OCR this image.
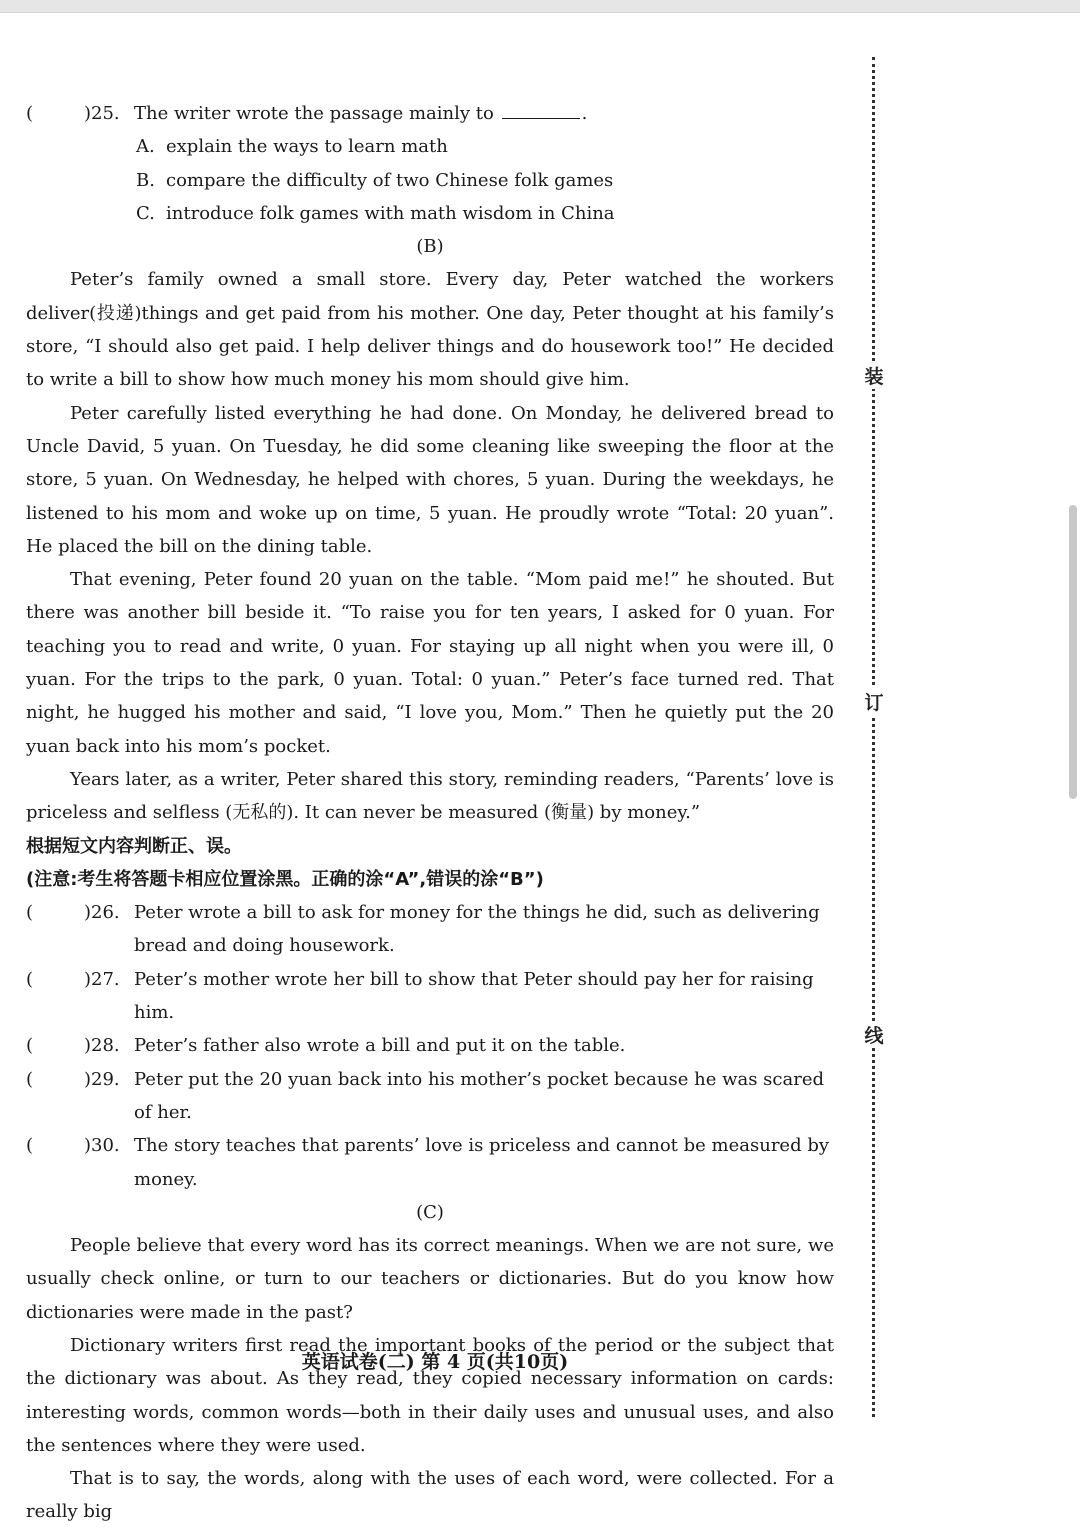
装
订
线
(	)25. The writer wrote the passage mainly to	.
A. explain the ways to learn math
B. compare the difficulty of two Chinese folk games
C. introduce folk games with math wisdom in China
(B)

Peter’s family owned a small store. Every day, Peter watched the workers deliver(投递)things and get paid from his mother. One day, Peter thought at his family’s store, “I should also get paid. I help deliver things and do housework too!” He decided to write a bill to show how much money his mom should give him.

Peter carefully listed everything he had done. On Monday, he delivered bread to Uncle David, 5 yuan. On Tuesday, he did some cleaning like sweeping the floor at the store, 5 yuan. On Wednesday, he helped with chores, 5 yuan. During the weekdays, he listened to his mom and woke up on time, 5 yuan. He proudly wrote “Total: 20 yuan”. He placed the bill on the dining table.

That evening, Peter found 20 yuan on the table. “Mom paid me!” he shouted. But there was another bill beside it. “To raise you for ten years, I asked for 0 yuan. For teaching you to read and write, 0 yuan. For staying up all night when you were ill, 0 yuan. For the trips to the park, 0 yuan. Total: 0 yuan.” Peter’s face turned red. That night, he hugged his mother and said, “I love you, Mom.” Then he quietly put the 20 yuan back into his mom’s pocket.

Years later, as a writer, Peter shared this story, reminding readers, “Parents’ love is priceless and selfless (无私的). It can never be measured (衡量) by money.”

根据短文内容判断正、误。
(注意:考生将答题卡相应位置涂黑。正确的涂“A”,错误的涂“B”)
(	)26. Peter wrote a bill to ask for money for the things he did, such as delivering bread and doing housework.
(	)27. Peter’s mother wrote her bill to show that Peter should pay her for raising him.
(	)28. Peter’s father also wrote a bill and put it on the table.
(	)29. Peter put the 20 yuan back into his mother’s pocket because he was scared of her.
(	)30. The story teaches that parents’ love is priceless and cannot be measured by money.
(C)

People believe that every word has its correct meanings. When we are not sure, we usually check online, or turn to our teachers or dictionaries. But do you know how dictionaries were made in the past?

Dictionary writers first read the important books of the period or the subject that the dictionary was about. As they read, they copied necessary information on cards: interesting words, common words—both in their daily uses and unusual uses, and also the sentences where they were used.

That is to say, the words, along with the uses of each word, were collected. For a really big

英语试卷(二) 第 4 页(共10页)
